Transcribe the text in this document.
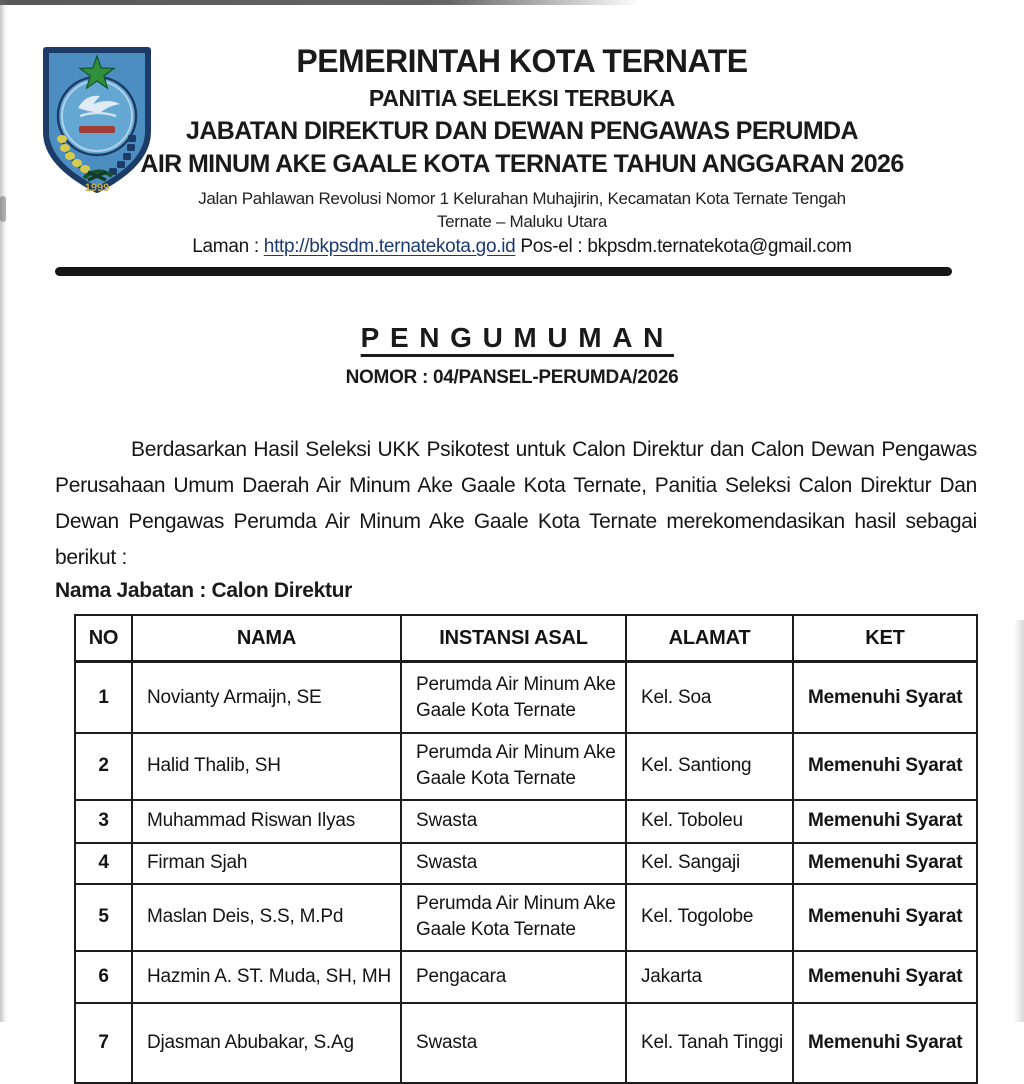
1999
PEMERINTAH KOTA TERNATE
PANITIA SELEKSI TERBUKA
JABATAN DIREKTUR DAN DEWAN PENGAWAS PERUMDA
AIR MINUM AKE GAALE KOTA TERNATE TAHUN ANGGARAN 2026
Jalan Pahlawan Revolusi Nomor 1 Kelurahan Muhajirin, Kecamatan Kota Ternate Tengah
Ternate – Maluku Utara
Laman : http://bkpsdm.ternatekota.go.id Pos-el : bkpsdm.ternatekota@gmail.com
PENGUMUMAN
NOMOR : 04/PANSEL-PERUMDA/2026

Berdasarkan Hasil Seleksi UKK Psikotest untuk Calon Direktur dan Calon Dewan Pengawas Perusahaan Umum Daerah Air Minum Ake Gaale Kota Ternate, Panitia Seleksi Calon Direktur Dan Dewan Pengawas Perumda Air Minum Ake Gaale Kota Ternate merekomendasikan hasil sebagai berikut :

Nama Jabatan : Calon Direktur
NO	NAMA	INSTANSI ASAL	ALAMAT	KET
1	Novianty Armaijn, SE	Perumda Air Minum Ake Gaale Kota Ternate	Kel. Soa	Memenuhi Syarat
2	Halid Thalib, SH	Perumda Air Minum Ake Gaale Kota Ternate	Kel. Santiong	Memenuhi Syarat
3	Muhammad Riswan Ilyas	Swasta	Kel. Toboleu	Memenuhi Syarat
4	Firman Sjah	Swasta	Kel. Sangaji	Memenuhi Syarat
5	Maslan Deis, S.S, M.Pd	Perumda Air Minum Ake Gaale Kota Ternate	Kel. Togolobe	Memenuhi Syarat
6	Hazmin A. ST. Muda, SH, MH	Pengacara	Jakarta	Memenuhi Syarat
7	Djasman Abubakar, S.Ag	Swasta	Kel. Tanah Tinggi	Memenuhi Syarat
